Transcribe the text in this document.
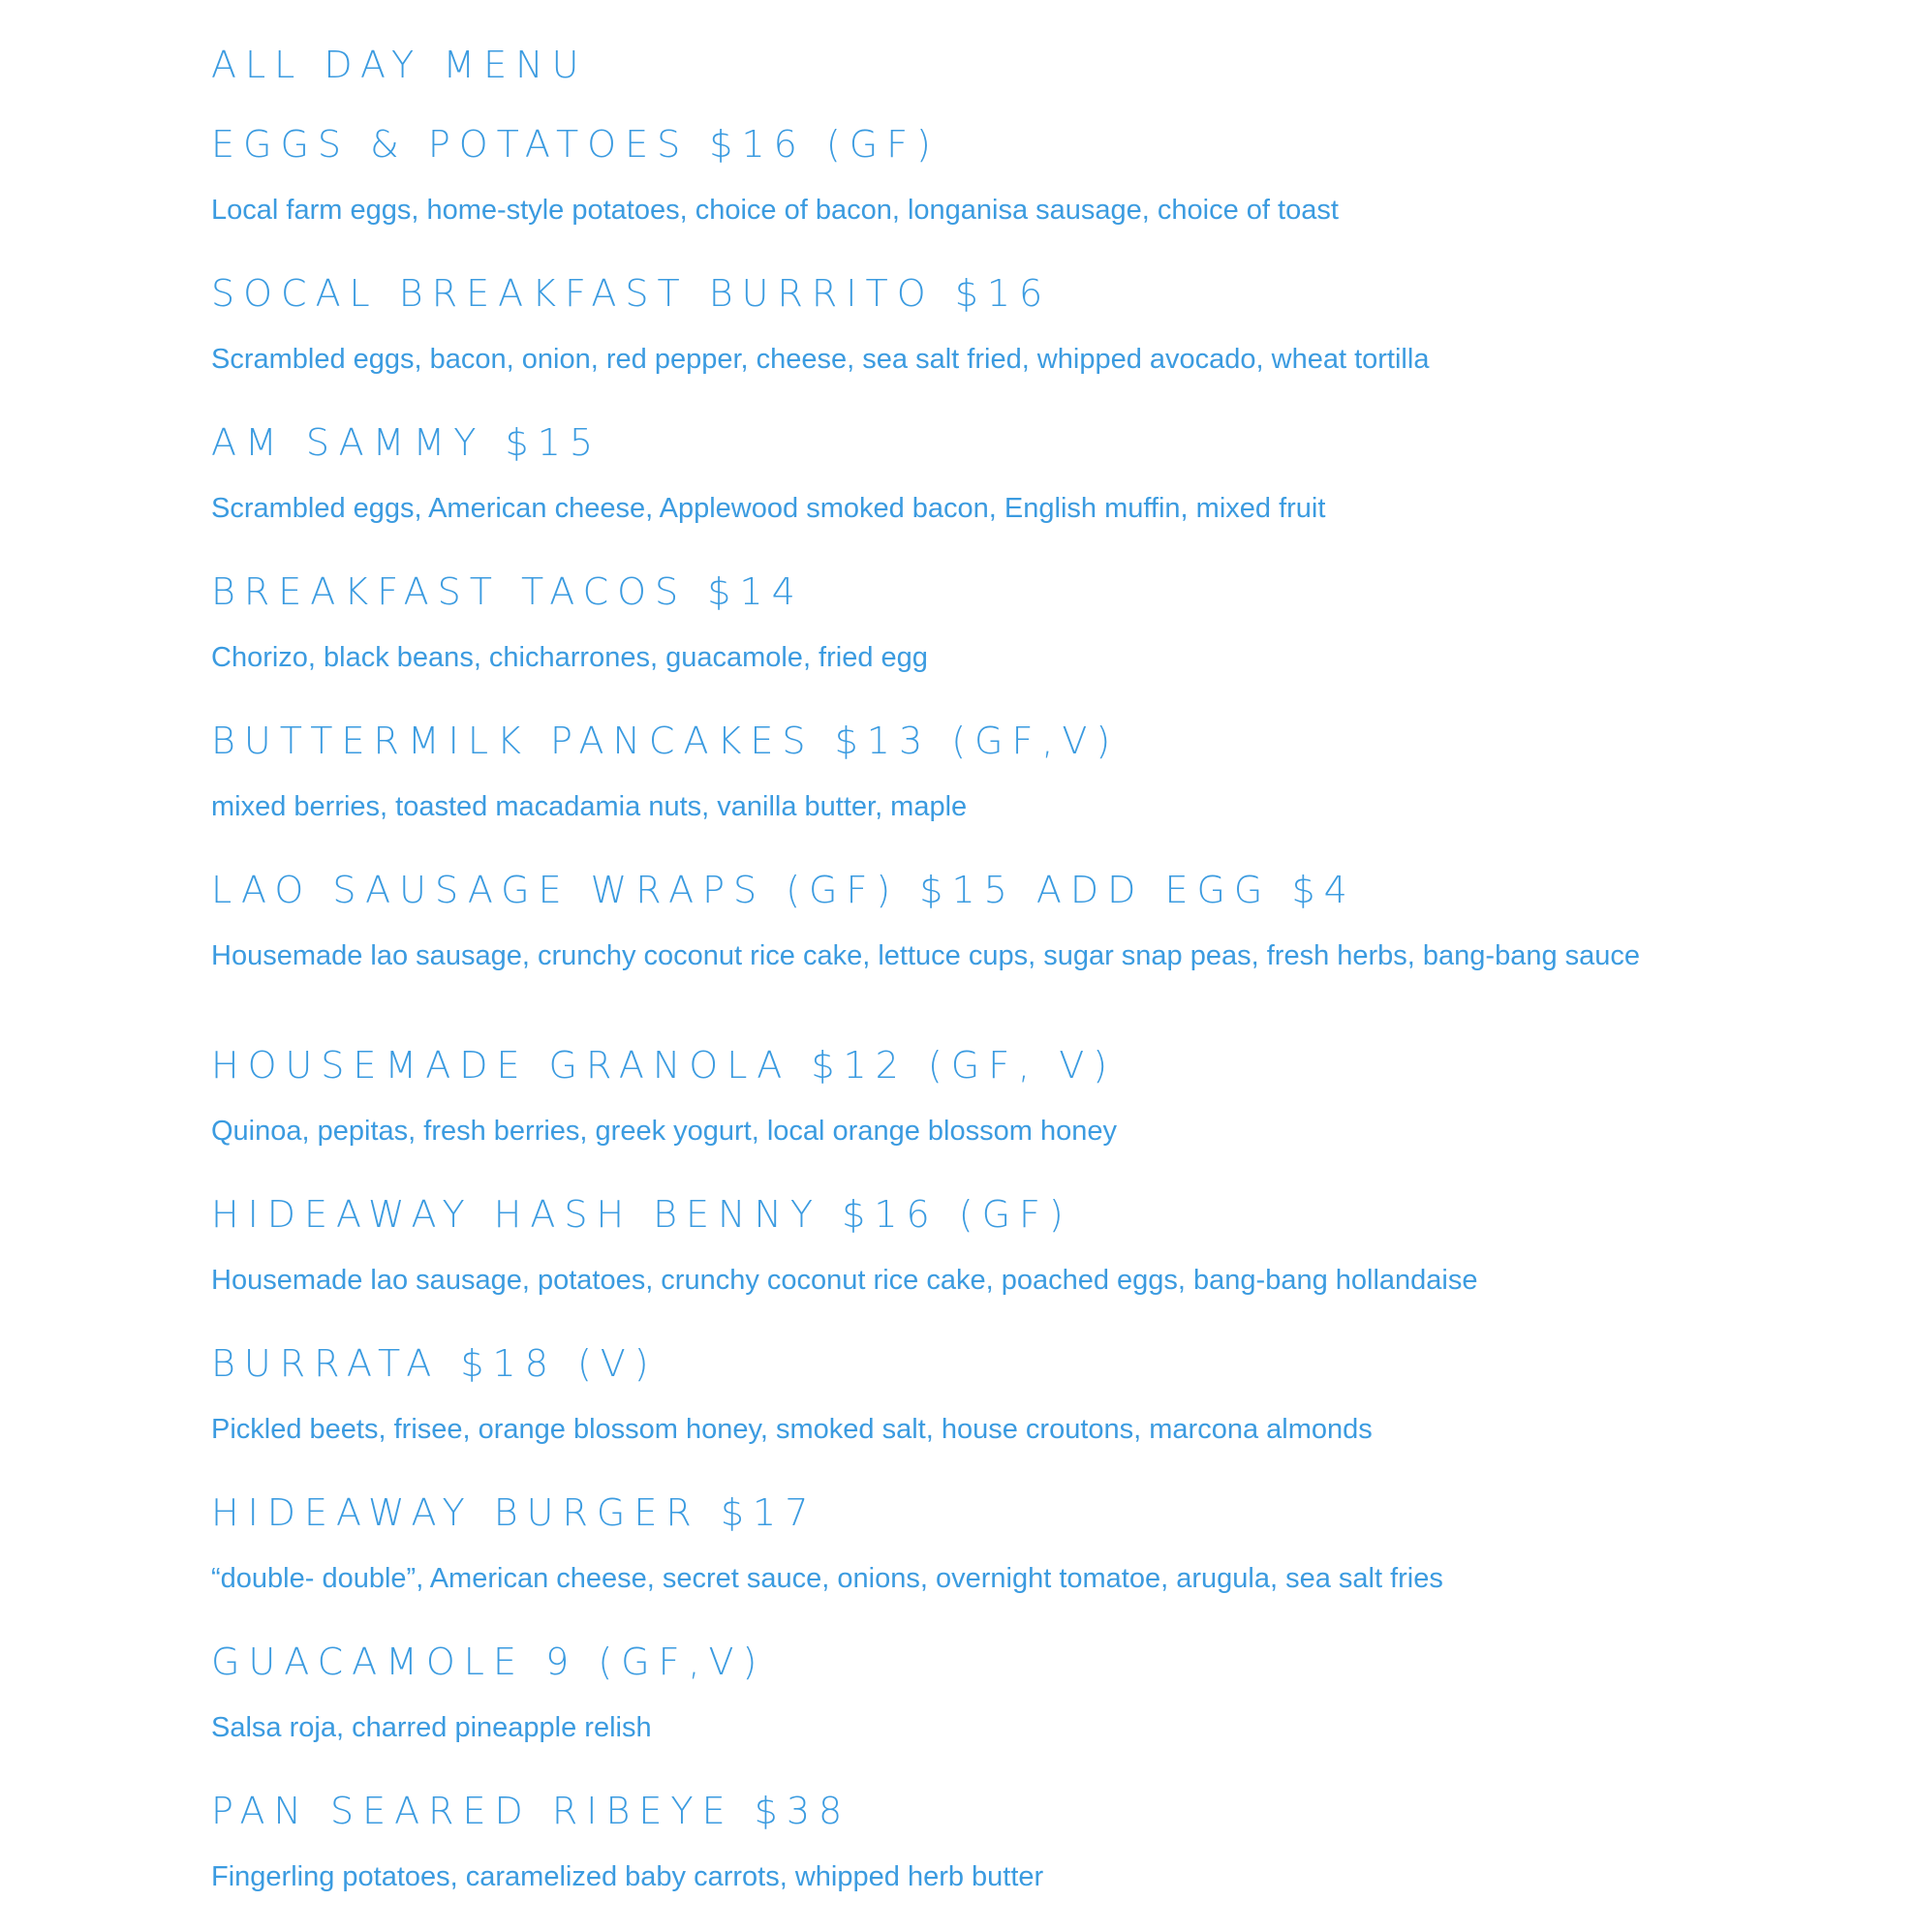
ALL DAY MENU
EGGS & POTATOES $16 (GF)

Local farm eggs, home-style potatoes, choice of bacon, longanisa sausage, choice of toast

SOCAL BREAKFAST BURRITO $16

Scrambled eggs, bacon, onion, red pepper, cheese, sea salt fried, whipped avocado, wheat tortilla

AM SAMMY $15

Scrambled eggs, American cheese, Applewood smoked bacon, English muffin, mixed fruit

BREAKFAST TACOS $14

Chorizo, black beans, chicharrones, guacamole, fried egg

BUTTERMILK PANCAKES $13 (GF,V)

mixed berries, toasted macadamia nuts, vanilla butter, maple

LAO SAUSAGE WRAPS (GF) $15 ADD EGG $4

Housemade lao sausage, crunchy coconut rice cake, lettuce cups, sugar snap peas, fresh herbs, bang-bang sauce

HOUSEMADE GRANOLA $12 (GF, V)

Quinoa, pepitas, fresh berries, greek yogurt, local orange blossom honey

HIDEAWAY HASH BENNY $16 (GF)

Housemade lao sausage, potatoes, crunchy coconut rice cake, poached eggs, bang-bang hollandaise

BURRATA $18 (V)

Pickled beets, frisee, orange blossom honey, smoked salt, house croutons, marcona almonds

HIDEAWAY BURGER $17

“double- double”, American cheese, secret sauce, onions, overnight tomatoe, arugula, sea salt fries

GUACAMOLE 9 (GF,V)

Salsa roja, charred pineapple relish

PAN SEARED RIBEYE $38

Fingerling potatoes, caramelized baby carrots, whipped herb butter
